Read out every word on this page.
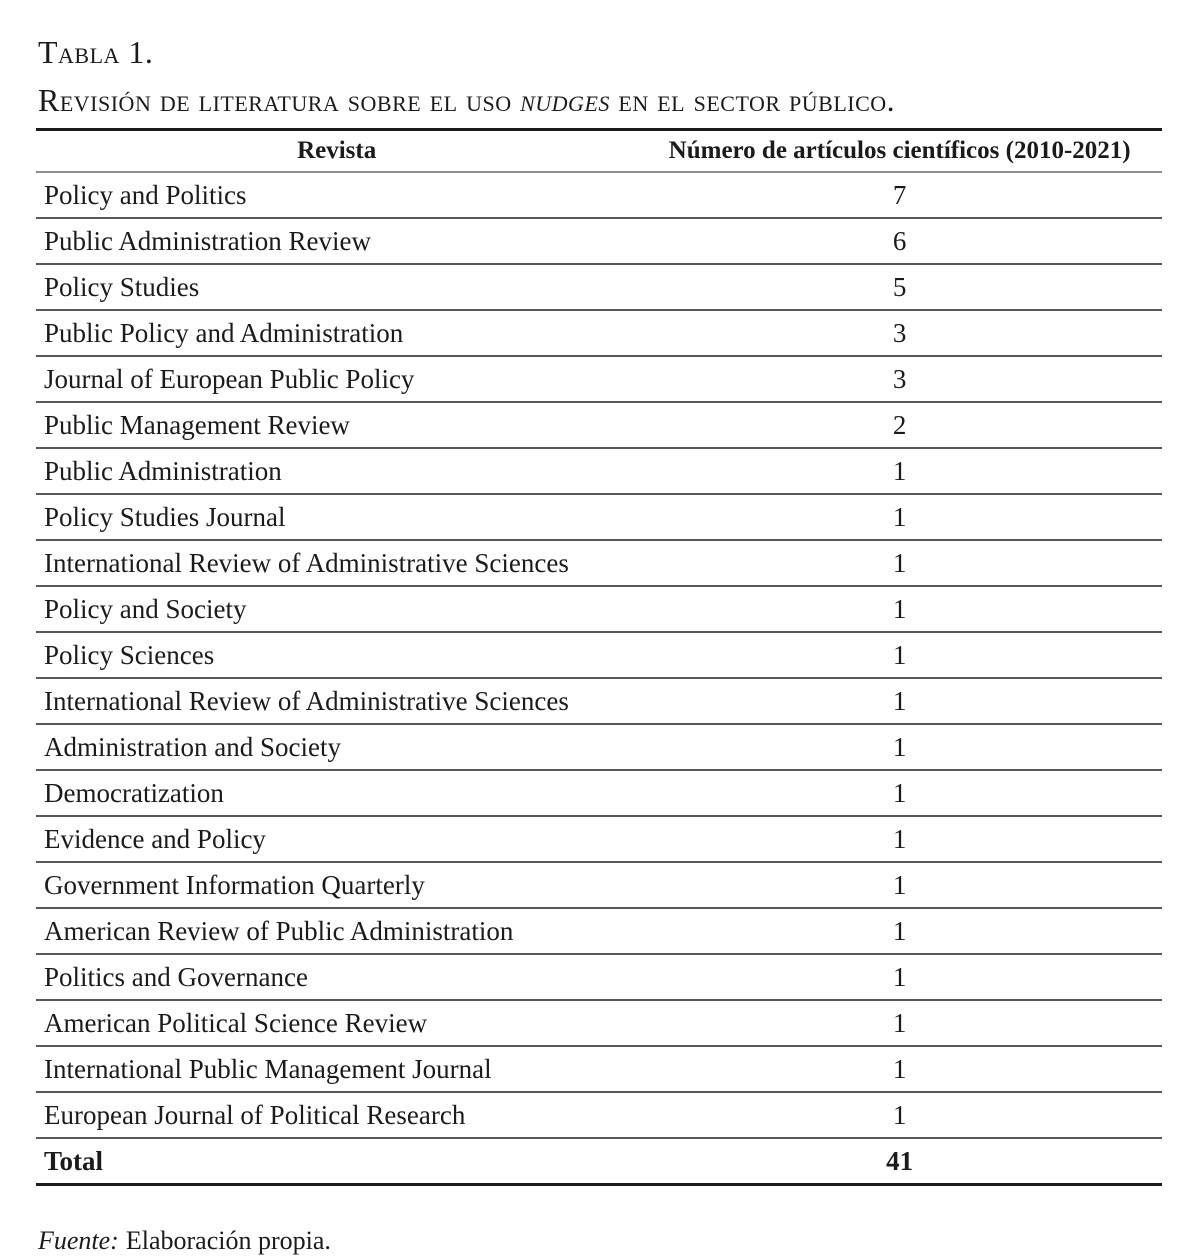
Tabla 1.
Revisión de literatura sobre el uso nudges en el sector público.
Revista	Número de artículos científicos (2010-2021)
Policy and Politics	7
Public Administration Review	6
Policy Studies	5
Public Policy and Administration	3
Journal of European Public Policy	3
Public Management Review	2
Public Administration	1
Policy Studies Journal	1
International Review of Administrative Sciences	1
Policy and Society	1
Policy Sciences	1
International Review of Administrative Sciences	1
Administration and Society	1
Democratization	1
Evidence and Policy	1
Government Information Quarterly	1
American Review of Public Administration	1
Politics and Governance	1
American Political Science Review	1
International Public Management Journal	1
European Journal of Political Research	1
Total	41

Fuente: Elaboración propia.
